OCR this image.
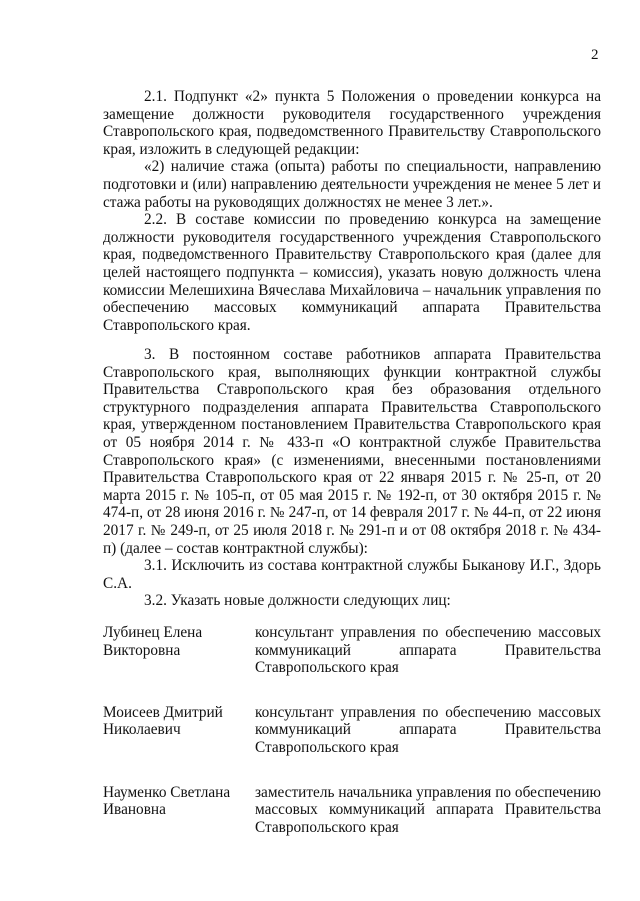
2

2.1. Подпункт «2» пункта 5 Положения о проведении конкурса на замещение должности руководителя государственного учреждения Ставропольского края, подведомственного Правительству Ставропольского края, изложить в следующей редакции:

«2) наличие стажа (опыта) работы по специальности, направлению подготовки и (или) направлению деятельности учреждения не менее 5 лет и стажа работы на руководящих должностях не менее 3 лет.».

2.2. В составе комиссии по проведению конкурса на замещение должности руководителя государственного учреждения Ставропольского края, подведомственного Правительству Ставропольского края (далее для целей настоящего подпункта – комиссия), указать новую должность члена комиссии Мелешихина Вячеслава Михайловича – начальник управления по обеспечению массовых коммуникаций аппарата Правительства Ставропольского края.

3. В постоянном составе работников аппарата Правительства Ставропольского края, выполняющих функции контрактной службы Правительства Ставропольского края без образования отдельного структурного подразделения аппарата Правительства Ставропольского края, утвержденном постановлением Правительства Ставропольского края от 05 ноября 2014 г. № 433-п «О контрактной службе Правительства Ставропольского края» (с изменениями, внесенными постановлениями Правительства Ставропольского края от 22 января 2015 г. № 25-п, от 20 марта 2015 г. № 105-п, от 05 мая 2015 г. № 192-п, от 30 октября 2015 г. № 474-п, от 28 июня 2016 г. № 247-п, от 14 февраля 2017 г. № 44-п, от 22 июня 2017 г. № 249-п, от 25 июля 2018 г. № 291-п и от 08 октября 2018 г. № 434-п) (далее – состав контрактной службы):

3.1. Исключить из состава контрактной службы Быканову И.Г., Здорь С.А.

3.2. Указать новые должности следующих лиц:

Лубинец Елена
Викторовна
консультант управления по обеспечению массовых коммуникаций аппарата Правительства Ставропольского края
Моисеев Дмитрий
Николаевич
консультант управления по обеспечению массовых коммуникаций аппарата Правительства Ставропольского края
Науменко Светлана
Ивановна
заместитель начальника управления по обеспечению массовых коммуникаций аппарата Правительства Ставропольского края
